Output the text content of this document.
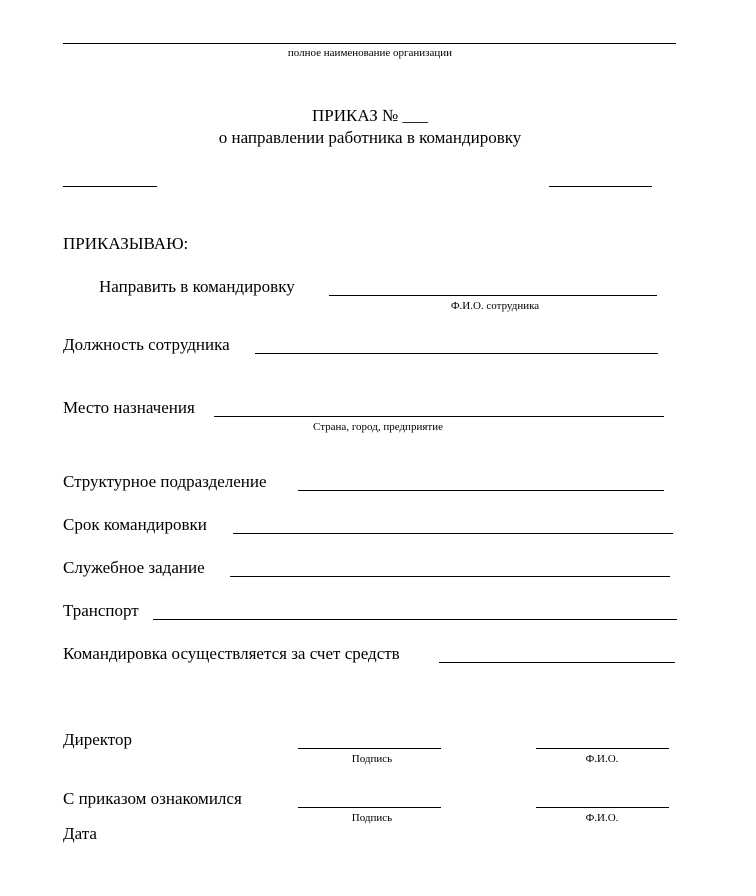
полное наименование организации
ПРИКАЗ № ___
о направлении работника в командировку
ПРИКАЗЫВАЮ:
Направить в командировку
Ф.И.О. сотрудника
Должность сотрудника
Место назначения
Страна, город, предприятие
Структурное подразделение
Срок командировки
Служебное задание
Транспорт
Командировка осуществляется за счет средств
Директор
Подпись	Ф.И.О.
С приказом ознакомился
Подпись	Ф.И.О.
Дата
